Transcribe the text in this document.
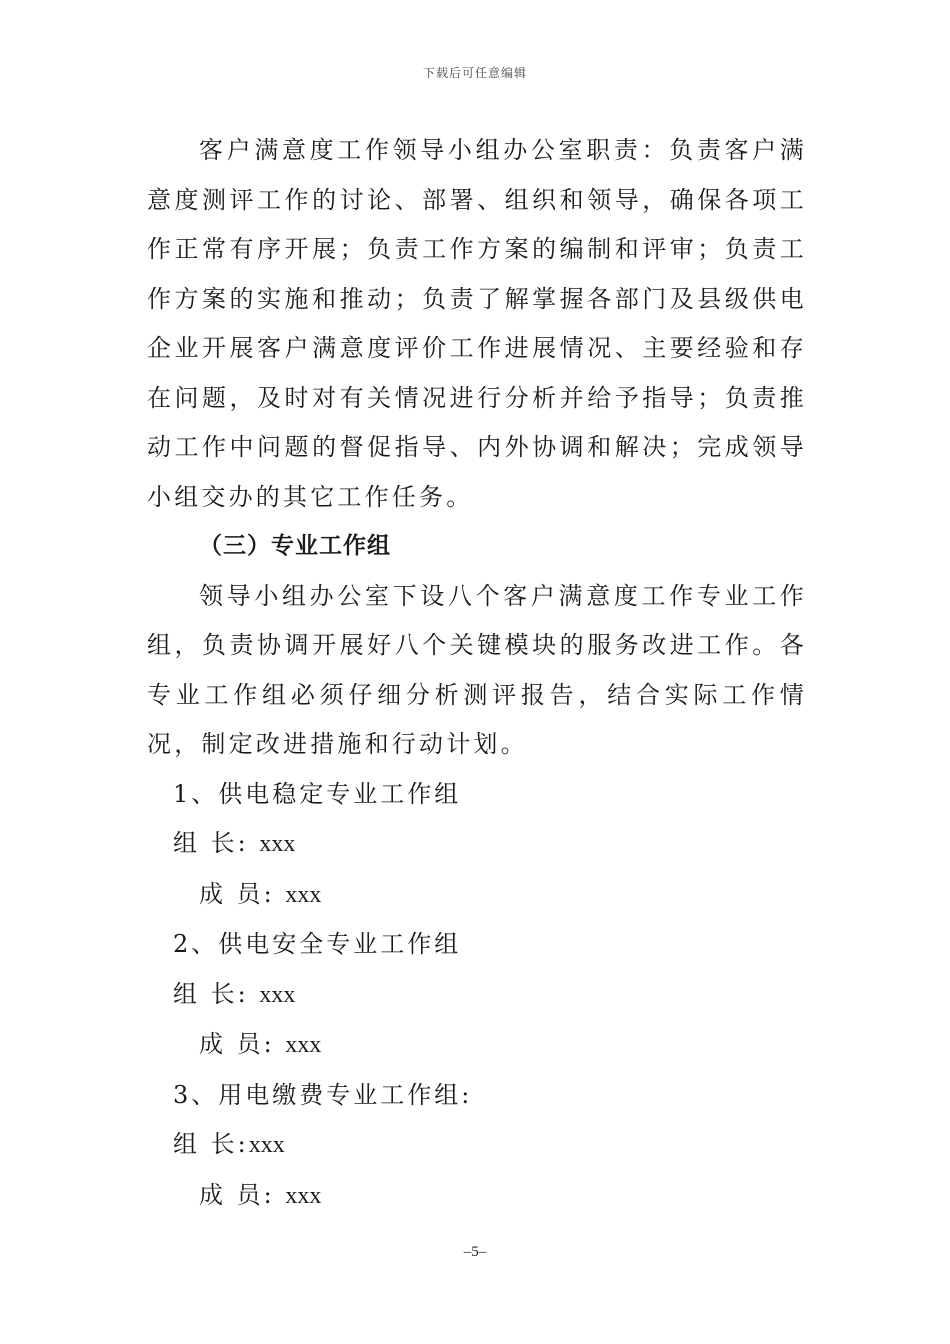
下载后可任意编辑

客户满意度工作领导小组办公室职责：负责客户满意度测评工作的讨论、部署、组织和领导，确保各项工作正常有序开展；负责工作方案的编制和评审；负责工作方案的实施和推动；负责了解掌握各部门及县级供电企业开展客户满意度评价工作进展情况、主要经验和存在问题，及时对有关情况进行分析并给予指导；负责推动工作中问题的督促指导、内外协调和解决；完成领导小组交办的其它工作任务。

（三）专业工作组

领导小组办公室下设八个客户满意度工作专业工作组，负责协调开展好八个关键模块的服务改进工作。各专业工作组必须仔细分析测评报告，结合实际工作情况，制定改进措施和行动计划。

1、供电稳定专业工作组

组 长: xxx

成 员: xxx

2、供电安全专业工作组

组 长: xxx

成 员: xxx

3、用电缴费专业工作组:

组 长:xxx

成 员: xxx

–5–
